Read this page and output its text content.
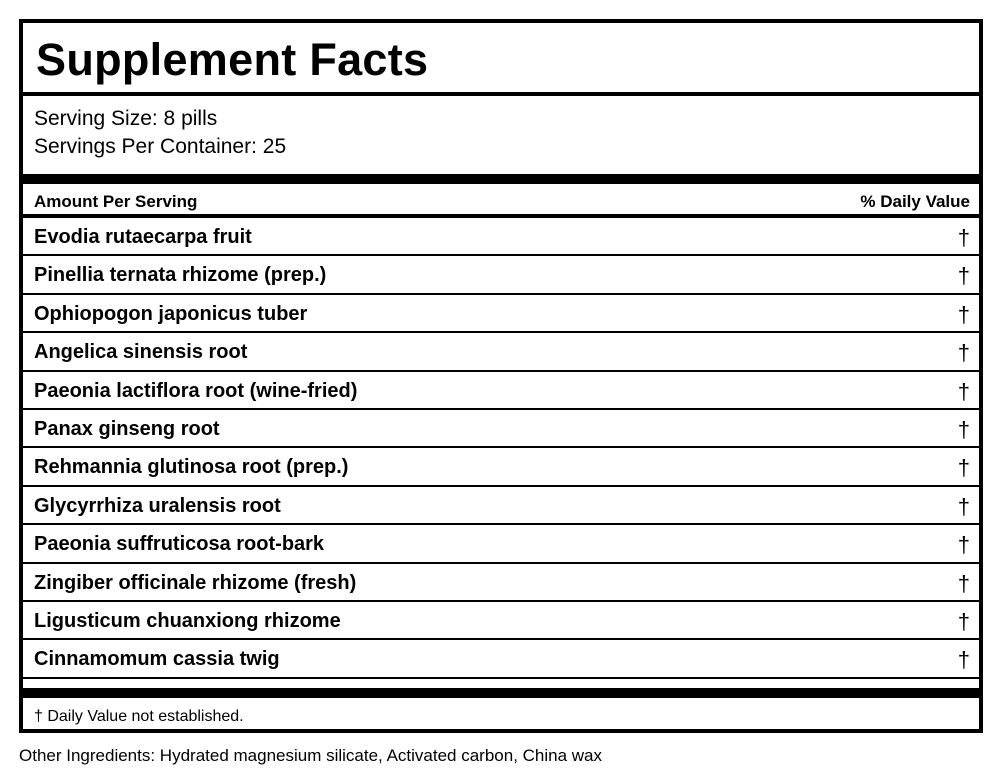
Supplement Facts
Serving Size: 8 pills
Servings Per Container: 25
Amount Per Serving	% Daily Value
Evodia rutaecarpa fruit	†
Pinellia ternata rhizome (prep.)	†
Ophiopogon japonicus tuber	†
Angelica sinensis root	†
Paeonia lactiflora root (wine-fried)	†
Panax ginseng root	†
Rehmannia glutinosa root (prep.)	†
Glycyrrhiza uralensis root	†
Paeonia suffruticosa root-bark	†
Zingiber officinale rhizome (fresh)	†
Ligusticum chuanxiong rhizome	†
Cinnamomum cassia twig	†
† Daily Value not established.
Other Ingredients: Hydrated magnesium silicate, Activated carbon, China wax
